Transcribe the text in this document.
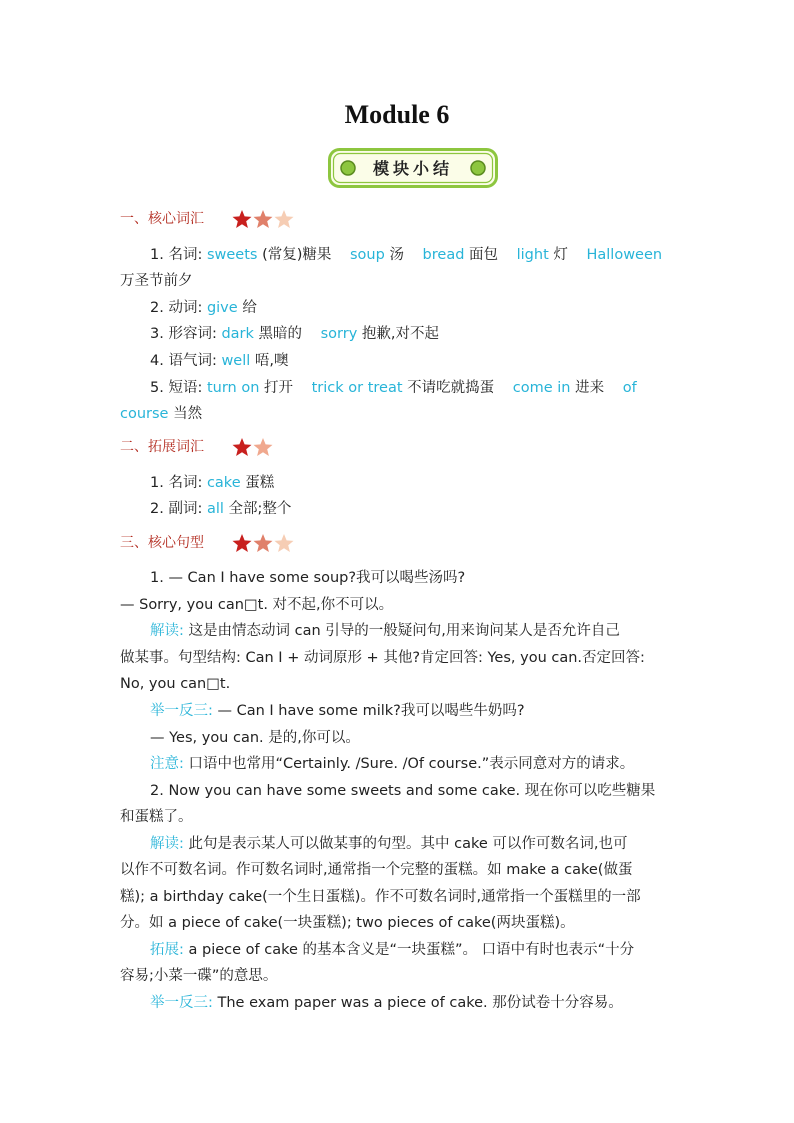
Module 6
模块小结
一、核心词汇
1. 名词: sweets (常复)糖果 soup 汤 bread 面包 light 灯 Halloween
万圣节前夕
2. 动词: give 给
3. 形容词: dark 黑暗的 sorry 抱歉,对不起
4. 语气词: well 唔,噢
5. 短语: turn on 打开 trick or treat 不请吃就捣蛋 come in 进来 of
course 当然
二、拓展词汇
1. 名词: cake 蛋糕
2. 副词: all 全部;整个
三、核心句型
1. — Can I have some soup?我可以喝些汤吗?
— Sorry, you can□t. 对不起,你不可以。
解读: 这是由情态动词 can 引导的一般疑问句,用来询问某人是否允许自己
做某事。句型结构: Can I + 动词原形 + 其他?肯定回答: Yes, you can.否定回答:
No, you can□t.
举一反三: — Can I have some milk?我可以喝些牛奶吗?
— Yes, you can. 是的,你可以。
注意: 口语中也常用“Certainly. /Sure. /Of course.”表示同意对方的请求。
2. Now you can have some sweets and some cake. 现在你可以吃些糖果
和蛋糕了。
解读: 此句是表示某人可以做某事的句型。其中 cake 可以作可数名词,也可
以作不可数名词。作可数名词时,通常指一个完整的蛋糕。如 make a cake(做蛋
糕); a birthday cake(一个生日蛋糕)。作不可数名词时,通常指一个蛋糕里的一部
分。如 a piece of cake(一块蛋糕); two pieces of cake(两块蛋糕)。
拓展: a piece of cake 的基本含义是“一块蛋糕”。 口语中有时也表示“十分
容易;小菜一碟”的意思。
举一反三: The exam paper was a piece of cake. 那份试卷十分容易。
